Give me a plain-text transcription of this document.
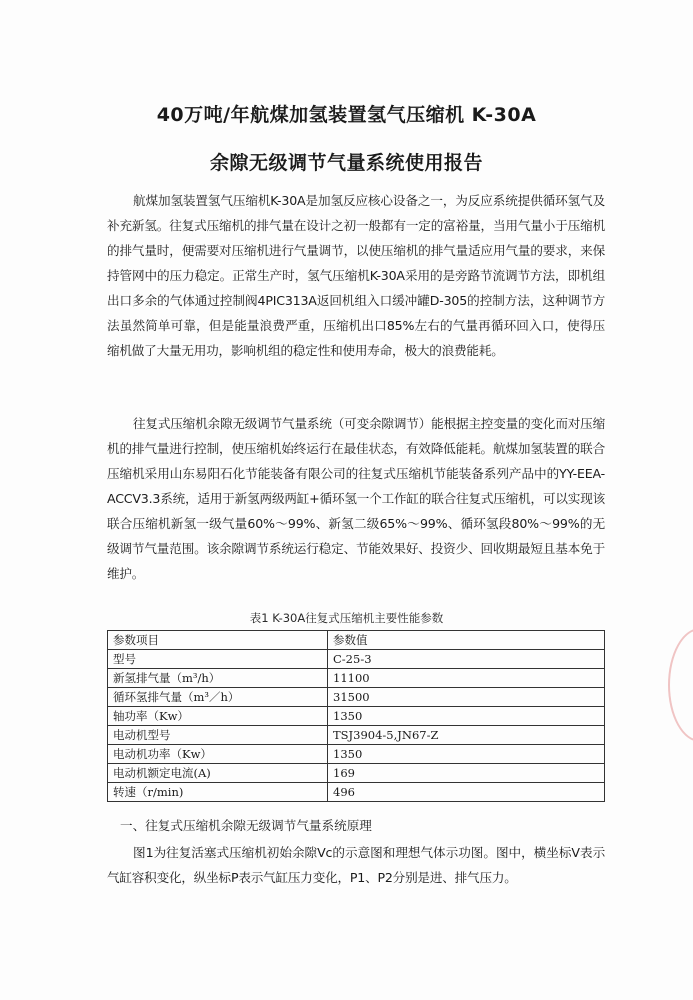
40万吨/年航煤加氢装置氢气压缩机 K-30A
余隙无级调节气量系统使用报告
航煤加氢装置氢气压缩机K-30A是加氢反应核心设备之一，为反应系统提供循环氢气及补充新氢。往复式压缩机的排气量在设计之初一般都有一定的富裕量，当用气量小于压缩机的排气量时，便需要对压缩机进行气量调节，以使压缩机的排气量适应用气量的要求，来保持管网中的压力稳定。正常生产时，氢气压缩机K-30A采用的是旁路节流调节方法，即机组出口多余的气体通过控制阀4PIC313A返回机组入口缓冲罐D-305的控制方法，这种调节方法虽然简单可靠，但是能量浪费严重，压缩机出口85%左右的气量再循环回入口，使得压缩机做了大量无用功，影响机组的稳定性和使用寿命，极大的浪费能耗。
往复式压缩机余隙无级调节气量系统（可变余隙调节）能根据主控变量的变化而对压缩机的排气量进行控制，使压缩机始终运行在最佳状态，有效降低能耗。航煤加氢装置的联合压缩机采用山东易阳石化节能装备有限公司的往复式压缩机节能装备系列产品中的YY-EEA-ACCV3.3系统，适用于新氢两级两缸+循环氢一个工作缸的联合往复式压缩机，可以实现该联合压缩机新氢一级气量60%～99%、新氢二级65%～99%、循环氢段80%～99%的无级调节气量范围。该余隙调节系统运行稳定、节能效果好、投资少、回收期最短且基本免于维护。
表1 K-30A往复式压缩机主要性能参数
参数项目	参数值
型号	C-25-3
新氢排气量（m³/h）	11100
循环氢排气量（m³／h）	31500
轴功率（Kw）	1350
电动机型号	TSJ3904-5,JN67-Z
电动机功率（Kw）	1350
电动机额定电流(A)	169
转速（r/min)	496
一、往复式压缩机余隙无级调节气量系统原理
图1为往复活塞式压缩机初始余隙Vc的示意图和理想气体示功图。图中，横坐标V表示气缸容积变化，纵坐标P表示气缸压力变化，P1、P2分别是进、排气压力。
